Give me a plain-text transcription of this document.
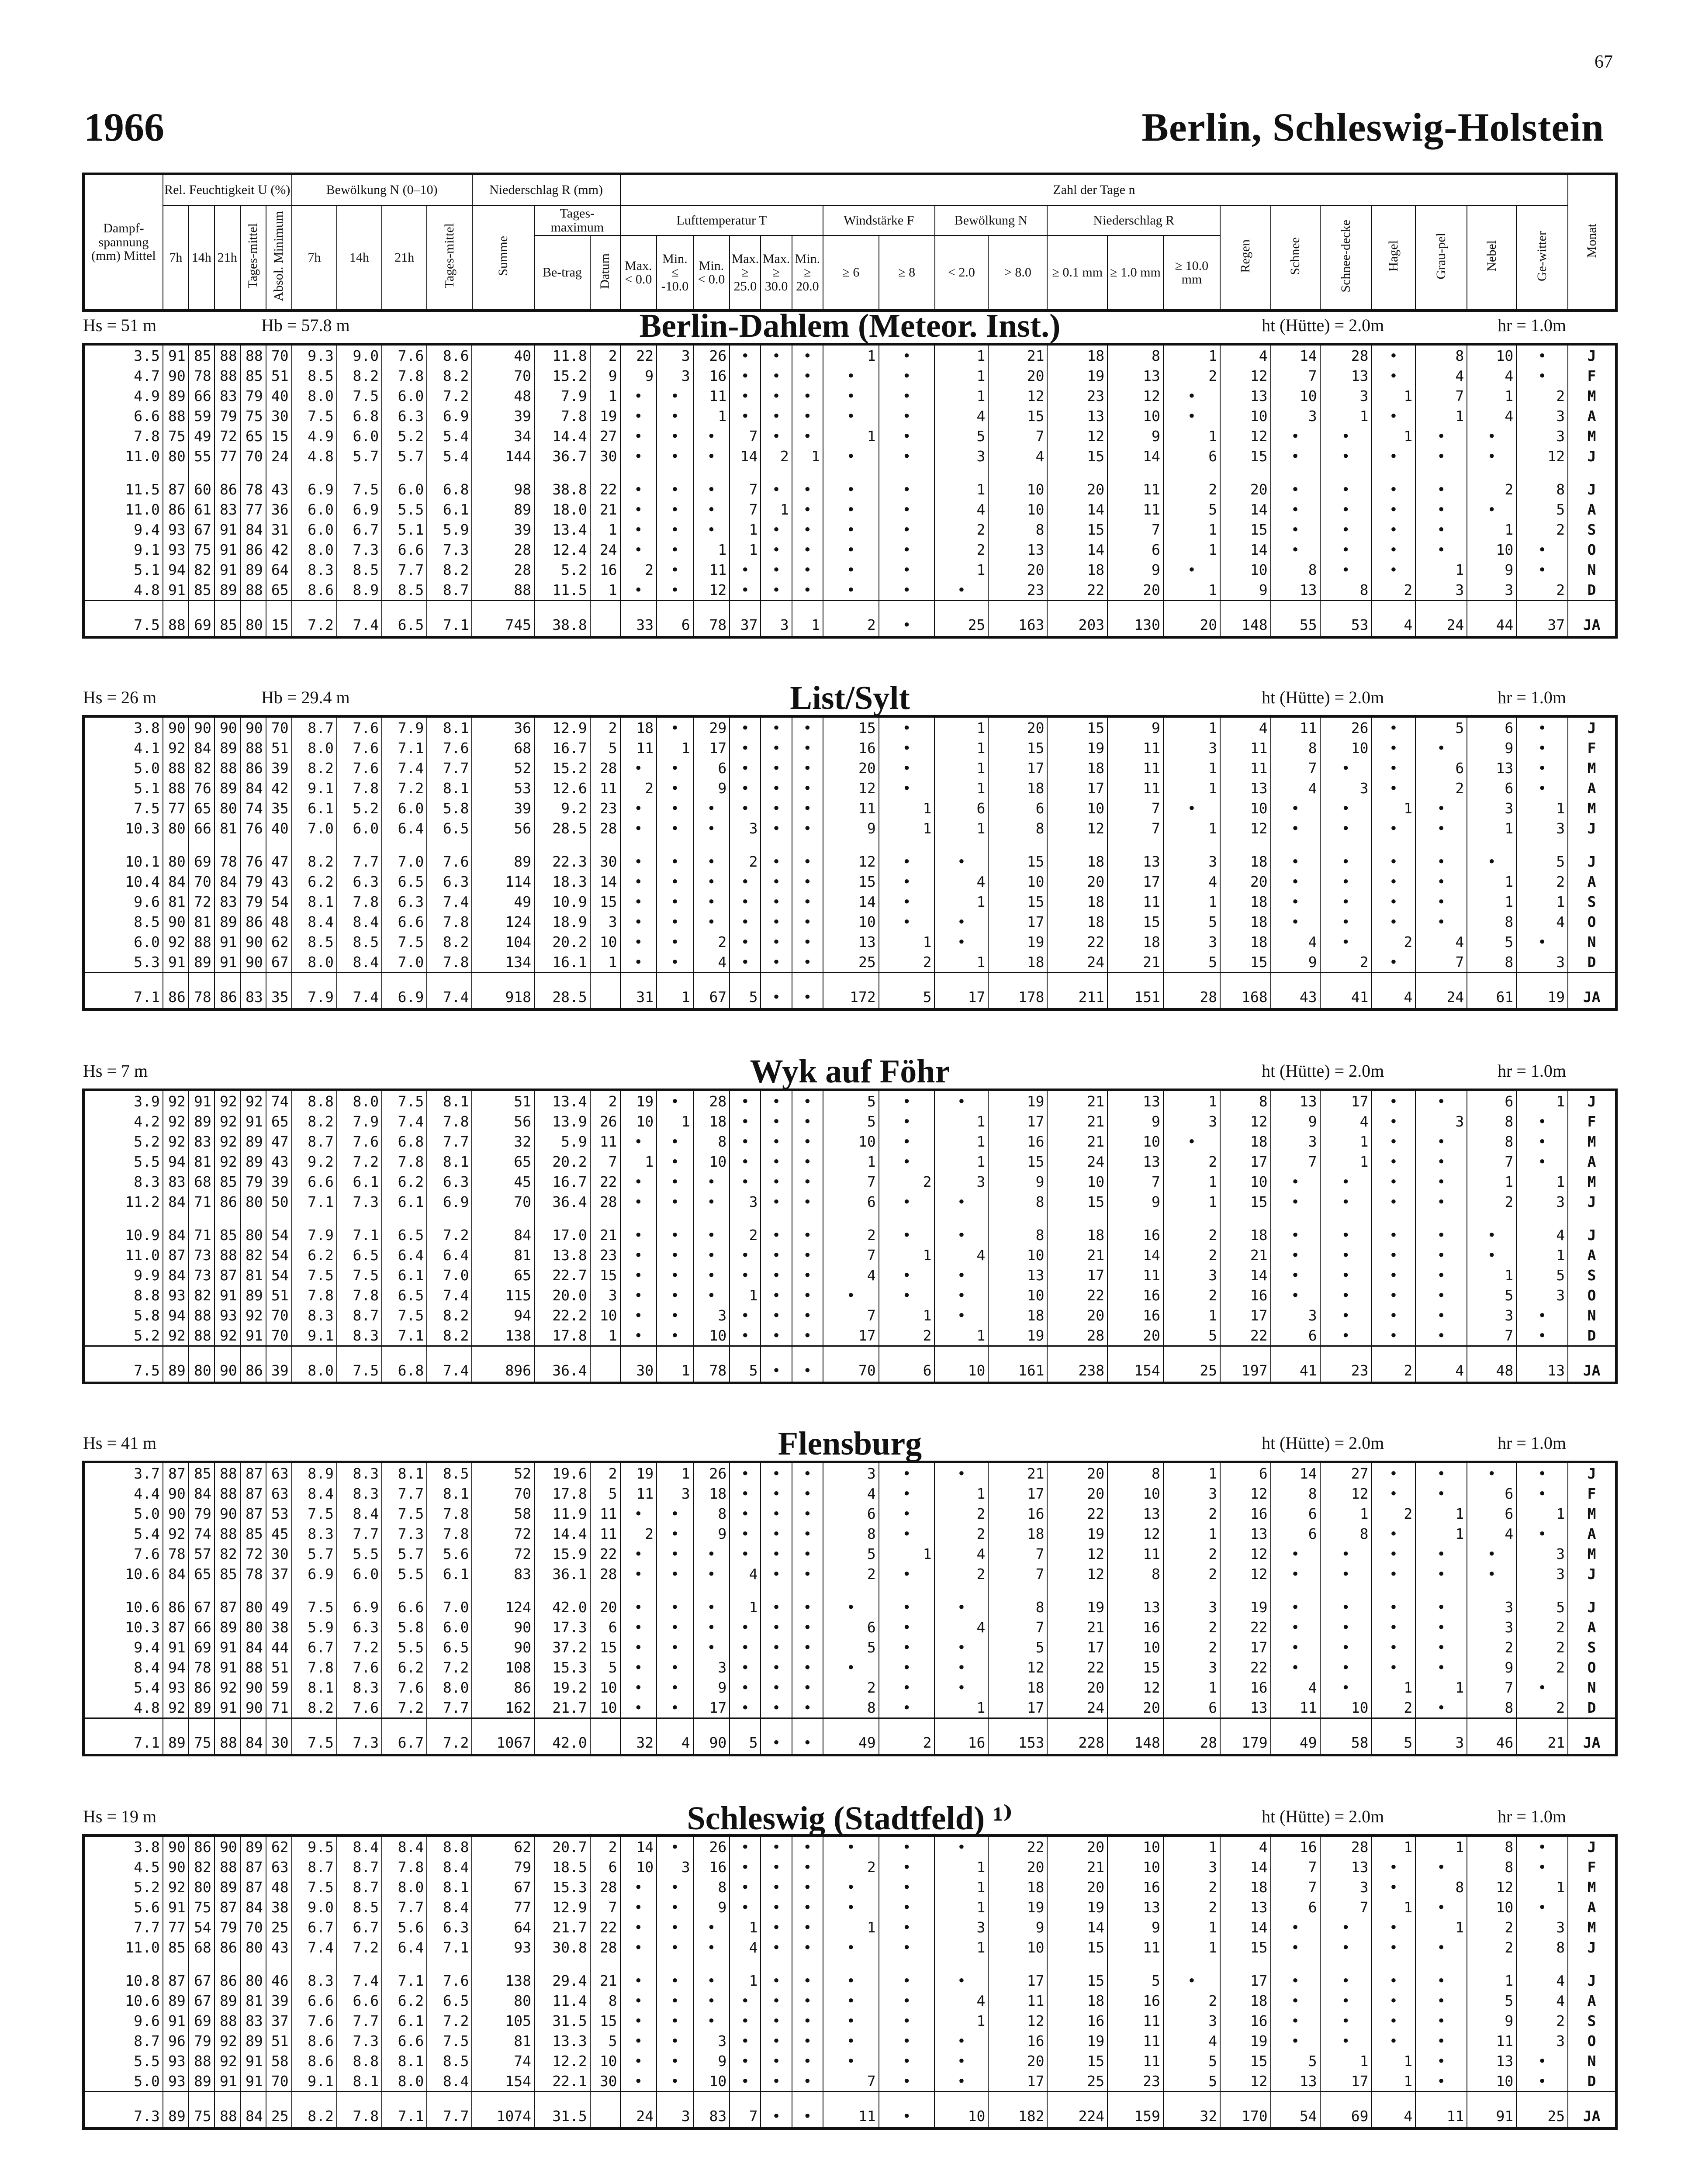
67
1966	Berlin, Schleswig-Holstein
Dampf-spannung (mm) Mittel	Rel. Feuchtigkeit U (%)					Bewölkung N (0–10)				Niederschlag R (mm)			Zahl der Tage n																				Monat
	7h	14h	21h	Tages-mittel	Absol. Minimum	7h	14h	21h	Tages-mittel	Summe	Tages-maximum		Lufttemperatur T						Windstärke F		Bewölkung N		Niederschlag R			Regen	Schnee	Schnee-decke	Hagel	Grau-pel	Nebel	Ge-witter	
											Be-trag	Datum	Max. < 0.0	Min. ≤ -10.0	Min. < 0.0	Max. ≥ 25.0	Max. ≥ 30.0	Min. ≥ 20.0	≥ 6	≥ 8	< 2.0	> 8.0	≥ 0.1 mm	≥ 1.0 mm	≥ 10.0 mm								
Hs = 51 m	Hb = 57.8 m	Berlin-Dahlem (Meteor. Inst.)	ht (Hütte) = 2.0m	hr = 1.0m
3.5	91	85	88	88	70	9.3	9.0	7.6	8.6	40	11.8	2	22	3	26	•	•	•	1	•	1	21	18	8	1	4	14	28	•	8	10	•	J
4.7	90	78	88	85	51	8.5	8.2	7.8	8.2	70	15.2	9	9	3	16	•	•	•	•	•	1	20	19	13	2	12	7	13	•	4	4	•	F
4.9	89	66	83	79	40	8.0	7.5	6.0	7.2	48	7.9	1	•	•	11	•	•	•	•	•	1	12	23	12	•	13	10	3	1	7	1	2	M
6.6	88	59	79	75	30	7.5	6.8	6.3	6.9	39	7.8	19	•	•	1	•	•	•	•	•	4	15	13	10	•	10	3	1	•	1	4	3	A
7.8	75	49	72	65	15	4.9	6.0	5.2	5.4	34	14.4	27	•	•	•	7	•	•	1	•	5	7	12	9	1	12	•	•	1	•	•	3	M
11.0	80	55	77	70	24	4.8	5.7	5.7	5.4	144	36.7	30	•	•	•	14	2	1	•	•	3	4	15	14	6	15	•	•	•	•	•	12	J

11.5	87	60	86	78	43	6.9	7.5	6.0	6.8	98	38.8	22	•	•	•	7	•	•	•	•	1	10	20	11	2	20	•	•	•	•	2	8	J
11.0	86	61	83	77	36	6.0	6.9	5.5	6.1	89	18.0	21	•	•	•	7	1	•	•	•	4	10	14	11	5	14	•	•	•	•	•	5	A
9.4	93	67	91	84	31	6.0	6.7	5.1	5.9	39	13.4	1	•	•	•	1	•	•	•	•	2	8	15	7	1	15	•	•	•	•	1	2	S
9.1	93	75	91	86	42	8.0	7.3	6.6	7.3	28	12.4	24	•	•	1	1	•	•	•	•	2	13	14	6	1	14	•	•	•	•	10	•	O
5.1	94	82	91	89	64	8.3	8.5	7.7	8.2	28	5.2	16	2	•	11	•	•	•	•	•	1	20	18	9	•	10	8	•	•	1	9	•	N
4.8	91	85	89	88	65	8.6	8.9	8.5	8.7	88	11.5	1	•	•	12	•	•	•	•	•	•	23	22	20	1	9	13	8	2	3	3	2	D
7.5	88	69	85	80	15	7.2	7.4	6.5	7.1	745	38.8		33	6	78	37	3	1	2	•	25	163	203	130	20	148	55	53	4	24	44	37	JA
Hs = 26 m	Hb = 29.4 m	List/Sylt	ht (Hütte) = 2.0m	hr = 1.0m
3.8	90	90	90	90	70	8.7	7.6	7.9	8.1	36	12.9	2	18	•	29	•	•	•	15	•	1	20	15	9	1	4	11	26	•	5	6	•	J
4.1	92	84	89	88	51	8.0	7.6	7.1	7.6	68	16.7	5	11	1	17	•	•	•	16	•	1	15	19	11	3	11	8	10	•	•	9	•	F
5.0	88	82	88	86	39	8.2	7.6	7.4	7.7	52	15.2	28	•	•	6	•	•	•	20	•	1	17	18	11	1	11	7	•	•	6	13	•	M
5.1	88	76	89	84	42	9.1	7.8	7.2	8.1	53	12.6	11	2	•	9	•	•	•	12	•	1	18	17	11	1	13	4	3	•	2	6	•	A
7.5	77	65	80	74	35	6.1	5.2	6.0	5.8	39	9.2	23	•	•	•	•	•	•	11	1	6	6	10	7	•	10	•	•	1	•	3	1	M
10.3	80	66	81	76	40	7.0	6.0	6.4	6.5	56	28.5	28	•	•	•	3	•	•	9	1	1	8	12	7	1	12	•	•	•	•	1	3	J

10.1	80	69	78	76	47	8.2	7.7	7.0	7.6	89	22.3	30	•	•	•	2	•	•	12	•	•	15	18	13	3	18	•	•	•	•	•	5	J
10.4	84	70	84	79	43	6.2	6.3	6.5	6.3	114	18.3	14	•	•	•	•	•	•	15	•	4	10	20	17	4	20	•	•	•	•	1	2	A
9.6	81	72	83	79	54	8.1	7.8	6.3	7.4	49	10.9	15	•	•	•	•	•	•	14	•	1	15	18	11	1	18	•	•	•	•	1	1	S
8.5	90	81	89	86	48	8.4	8.4	6.6	7.8	124	18.9	3	•	•	•	•	•	•	10	•	•	17	18	15	5	18	•	•	•	•	8	4	O
6.0	92	88	91	90	62	8.5	8.5	7.5	8.2	104	20.2	10	•	•	2	•	•	•	13	1	•	19	22	18	3	18	4	•	2	4	5	•	N
5.3	91	89	91	90	67	8.0	8.4	7.0	7.8	134	16.1	1	•	•	4	•	•	•	25	2	1	18	24	21	5	15	9	2	•	7	8	3	D
7.1	86	78	86	83	35	7.9	7.4	6.9	7.4	918	28.5		31	1	67	5	•	•	172	5	17	178	211	151	28	168	43	41	4	24	61	19	JA
Hs = 7 m	Wyk auf Föhr	ht (Hütte) = 2.0m	hr = 1.0m
3.9	92	91	92	92	74	8.8	8.0	7.5	8.1	51	13.4	2	19	•	28	•	•	•	5	•	•	19	21	13	1	8	13	17	•	•	6	1	J
4.2	92	89	92	91	65	8.2	7.9	7.4	7.8	56	13.9	26	10	1	18	•	•	•	5	•	1	17	21	9	3	12	9	4	•	3	8	•	F
5.2	92	83	92	89	47	8.7	7.6	6.8	7.7	32	5.9	11	•	•	8	•	•	•	10	•	1	16	21	10	•	18	3	1	•	•	8	•	M
5.5	94	81	92	89	43	9.2	7.2	7.8	8.1	65	20.2	7	1	•	10	•	•	•	1	•	1	15	24	13	2	17	7	1	•	•	7	•	A
8.3	83	68	85	79	39	6.6	6.1	6.2	6.3	45	16.7	22	•	•	•	•	•	•	7	2	3	9	10	7	1	10	•	•	•	•	1	1	M
11.2	84	71	86	80	50	7.1	7.3	6.1	6.9	70	36.4	28	•	•	•	3	•	•	6	•	•	8	15	9	1	15	•	•	•	•	2	3	J

10.9	84	71	85	80	54	7.9	7.1	6.5	7.2	84	17.0	21	•	•	•	2	•	•	2	•	•	8	18	16	2	18	•	•	•	•	•	4	J
11.0	87	73	88	82	54	6.2	6.5	6.4	6.4	81	13.8	23	•	•	•	•	•	•	7	1	4	10	21	14	2	21	•	•	•	•	•	1	A
9.9	84	73	87	81	54	7.5	7.5	6.1	7.0	65	22.7	15	•	•	•	•	•	•	4	•	•	13	17	11	3	14	•	•	•	•	1	5	S
8.8	93	82	91	89	51	7.8	7.8	6.5	7.4	115	20.0	3	•	•	•	1	•	•	•	•	•	10	22	16	2	16	•	•	•	•	5	3	O
5.8	94	88	93	92	70	8.3	8.7	7.5	8.2	94	22.2	10	•	•	3	•	•	•	7	1	•	18	20	16	1	17	3	•	•	•	3	•	N
5.2	92	88	92	91	70	9.1	8.3	7.1	8.2	138	17.8	1	•	•	10	•	•	•	17	2	1	19	28	20	5	22	6	•	•	•	7	•	D
7.5	89	80	90	86	39	8.0	7.5	6.8	7.4	896	36.4		30	1	78	5	•	•	70	6	10	161	238	154	25	197	41	23	2	4	48	13	JA
Hs = 41 m	Flensburg	ht (Hütte) = 2.0m	hr = 1.0m
3.7	87	85	88	87	63	8.9	8.3	8.1	8.5	52	19.6	2	19	1	26	•	•	•	3	•	•	21	20	8	1	6	14	27	•	•	•	•	J
4.4	90	84	88	87	63	8.4	8.3	7.7	8.1	70	17.8	5	11	3	18	•	•	•	4	•	1	17	20	10	3	12	8	12	•	•	6	•	F
5.0	90	79	90	87	53	7.5	8.4	7.5	7.8	58	11.9	11	•	•	8	•	•	•	6	•	2	16	22	13	2	16	6	1	2	1	6	1	M
5.4	92	74	88	85	45	8.3	7.7	7.3	7.8	72	14.4	11	2	•	9	•	•	•	8	•	2	18	19	12	1	13	6	8	•	1	4	•	A
7.6	78	57	82	72	30	5.7	5.5	5.7	5.6	72	15.9	22	•	•	•	•	•	•	5	1	4	7	12	11	2	12	•	•	•	•	•	3	M
10.6	84	65	85	78	37	6.9	6.0	5.5	6.1	83	36.1	28	•	•	•	4	•	•	2	•	2	7	12	8	2	12	•	•	•	•	•	3	J

10.6	86	67	87	80	49	7.5	6.9	6.6	7.0	124	42.0	20	•	•	•	1	•	•	•	•	•	8	19	13	3	19	•	•	•	•	3	5	J
10.3	87	66	89	80	38	5.9	6.3	5.8	6.0	90	17.3	6	•	•	•	•	•	•	6	•	4	7	21	16	2	22	•	•	•	•	3	2	A
9.4	91	69	91	84	44	6.7	7.2	5.5	6.5	90	37.2	15	•	•	•	•	•	•	5	•	•	5	17	10	2	17	•	•	•	•	2	2	S
8.4	94	78	91	88	51	7.8	7.6	6.2	7.2	108	15.3	5	•	•	3	•	•	•	•	•	•	12	22	15	3	22	•	•	•	•	9	2	O
5.4	93	86	92	90	59	8.1	8.3	7.6	8.0	86	19.2	10	•	•	9	•	•	•	2	•	•	18	20	12	1	16	4	•	1	1	7	•	N
4.8	92	89	91	90	71	8.2	7.6	7.2	7.7	162	21.7	10	•	•	17	•	•	•	8	•	1	17	24	20	6	13	11	10	2	•	8	2	D
7.1	89	75	88	84	30	7.5	7.3	6.7	7.2	1067	42.0		32	4	90	5	•	•	49	2	16	153	228	148	28	179	49	58	5	3	46	21	JA
Hs = 19 m	Schleswig (Stadtfeld) ¹⁾	ht (Hütte) = 2.0m	hr = 1.0m
3.8	90	86	90	89	62	9.5	8.4	8.4	8.8	62	20.7	2	14	•	26	•	•	•	•	•	•	22	20	10	1	4	16	28	1	1	8	•	J
4.5	90	82	88	87	63	8.7	8.7	7.8	8.4	79	18.5	6	10	3	16	•	•	•	2	•	1	20	21	10	3	14	7	13	•	•	8	•	F
5.2	92	80	89	87	48	7.5	8.7	8.0	8.1	67	15.3	28	•	•	8	•	•	•	•	•	1	18	20	16	2	18	7	3	•	8	12	1	M
5.6	91	75	87	84	38	9.0	8.5	7.7	8.4	77	12.9	7	•	•	9	•	•	•	•	•	1	19	19	13	2	13	6	7	1	•	10	•	A
7.7	77	54	79	70	25	6.7	6.7	5.6	6.3	64	21.7	22	•	•	•	1	•	•	1	•	3	9	14	9	1	14	•	•	•	1	2	3	M
11.0	85	68	86	80	43	7.4	7.2	6.4	7.1	93	30.8	28	•	•	•	4	•	•	•	•	1	10	15	11	1	15	•	•	•	•	2	8	J

10.8	87	67	86	80	46	8.3	7.4	7.1	7.6	138	29.4	21	•	•	•	1	•	•	•	•	•	17	15	5	•	17	•	•	•	•	1	4	J
10.6	89	67	89	81	39	6.6	6.6	6.2	6.5	80	11.4	8	•	•	•	•	•	•	•	•	4	11	18	16	2	18	•	•	•	•	5	4	A
9.6	91	69	88	83	37	7.6	7.7	6.1	7.2	105	31.5	15	•	•	•	•	•	•	•	•	1	12	16	11	3	16	•	•	•	•	9	2	S
8.7	96	79	92	89	51	8.6	7.3	6.6	7.5	81	13.3	5	•	•	3	•	•	•	•	•	•	16	19	11	4	19	•	•	•	•	11	3	O
5.5	93	88	92	91	58	8.6	8.8	8.1	8.5	74	12.2	10	•	•	9	•	•	•	•	•	•	20	15	11	5	15	5	1	1	•	13	•	N
5.0	93	89	91	91	70	9.1	8.1	8.0	8.4	154	22.1	30	•	•	10	•	•	•	7	•	•	17	25	23	5	12	13	17	1	•	10	•	D
7.3	89	75	88	84	25	8.2	7.8	7.1	7.7	1074	31.5		24	3	83	7	•	•	11	•	10	182	224	159	32	170	54	69	4	11	91	25	JA
